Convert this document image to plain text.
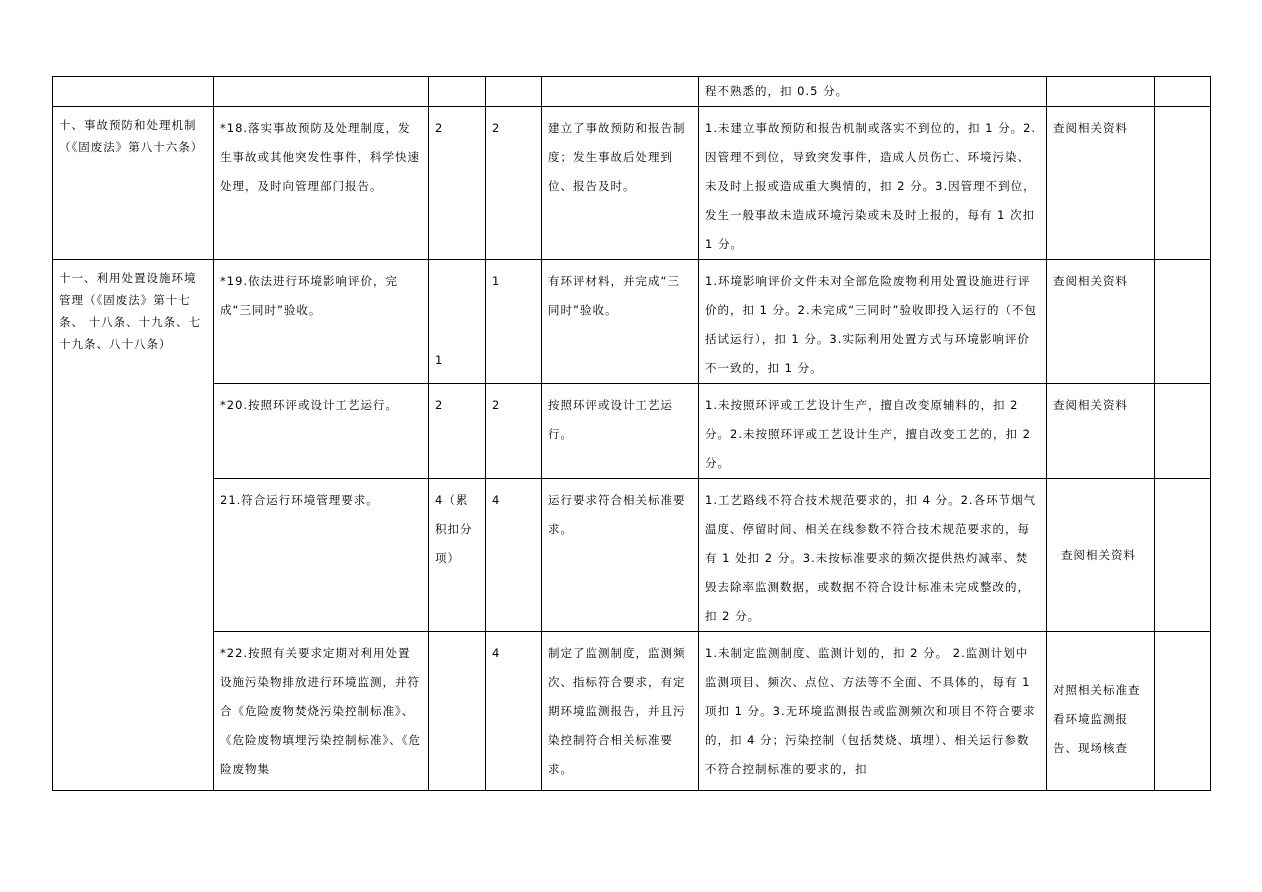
					程不熟悉的，扣 0.5 分。		

十、事故预防和处理机制 （《固废法》第八十六条）	*18.落实事故预防及处理制度，发生事故或其他突发性事件，科学快速处理，及时向管理部门报告。	2	2	建立了事故预防和报告制度；发生事故后处理到位、报告及时。	1.未建立事故预防和报告机制或落实不到位的，扣 1 分。2.因管理不到位，导致突发事件，造成人员伤亡、环境污染、未及时上报或造成重大舆情的，扣 2 分。3.因管理不到位，发生一般事故未造成环境污染或未及时上报的，每有 1 次扣 1 分。	查阅相关资料	

十一、利用处置设施环境管理（《固废法》第十七条、 十八条、十九条、七十九条、八十八条）	*19.依法进行环境影响评价，完成“三同时”验收。	1	1	有环评材料，并完成“三同时”验收。	1.环境影响评价文件未对全部危险废物利用处置设施进行评价的，扣 1 分。2.未完成“三同时”验收即投入运行的（不包括试运行），扣 1 分。3.实际利用处置方式与环境影响评价不一致的，扣 1 分。	查阅相关资料	

	*20.按照环评或设计工艺运行。	2	2	按照环评或设计工艺运行。	1.未按照环评或工艺设计生产，擅自改变原辅料的，扣 2 分。2.未按照环评或工艺设计生产，擅自改变工艺的，扣 2 分。	查阅相关资料	

	21.符合运行环境管理要求。	4（累积扣分项）	4	运行要求符合相关标准要求。	1.工艺路线不符合技术规范要求的，扣 4 分。2.各环节烟气温度、停留时间、相关在线参数不符合技术规范要求的，每有 1 处扣 2 分。3.未按标准要求的频次提供热灼减率、焚毁去除率监测数据，或数据不符合设计标准未完成整改的，扣 2 分。	查阅相关资料	

	*22.按照有关要求定期对利用处置设施污染物排放进行环境监测，并符合《危险废物焚烧污染控制标准》、《危险废物填埋污染控制标准》、《危险废物集		4	制定了监测制度，监测频次、指标符合要求，有定期环境监测报告，并且污染控制符合相关标准要求。	1.未制定监测制度、监测计划的，扣 2 分。 2.监测计划中监测项目、频次、点位、方法等不全面、不具体的，每有 1 项扣 1 分。3.无环境监测报告或监测频次和项目不符合要求的，扣 4 分；污染控制（包括焚烧、填埋）、相关运行参数不符合控制标准的要求的，扣	对照相关标准查看环境监测报告、现场核查	
